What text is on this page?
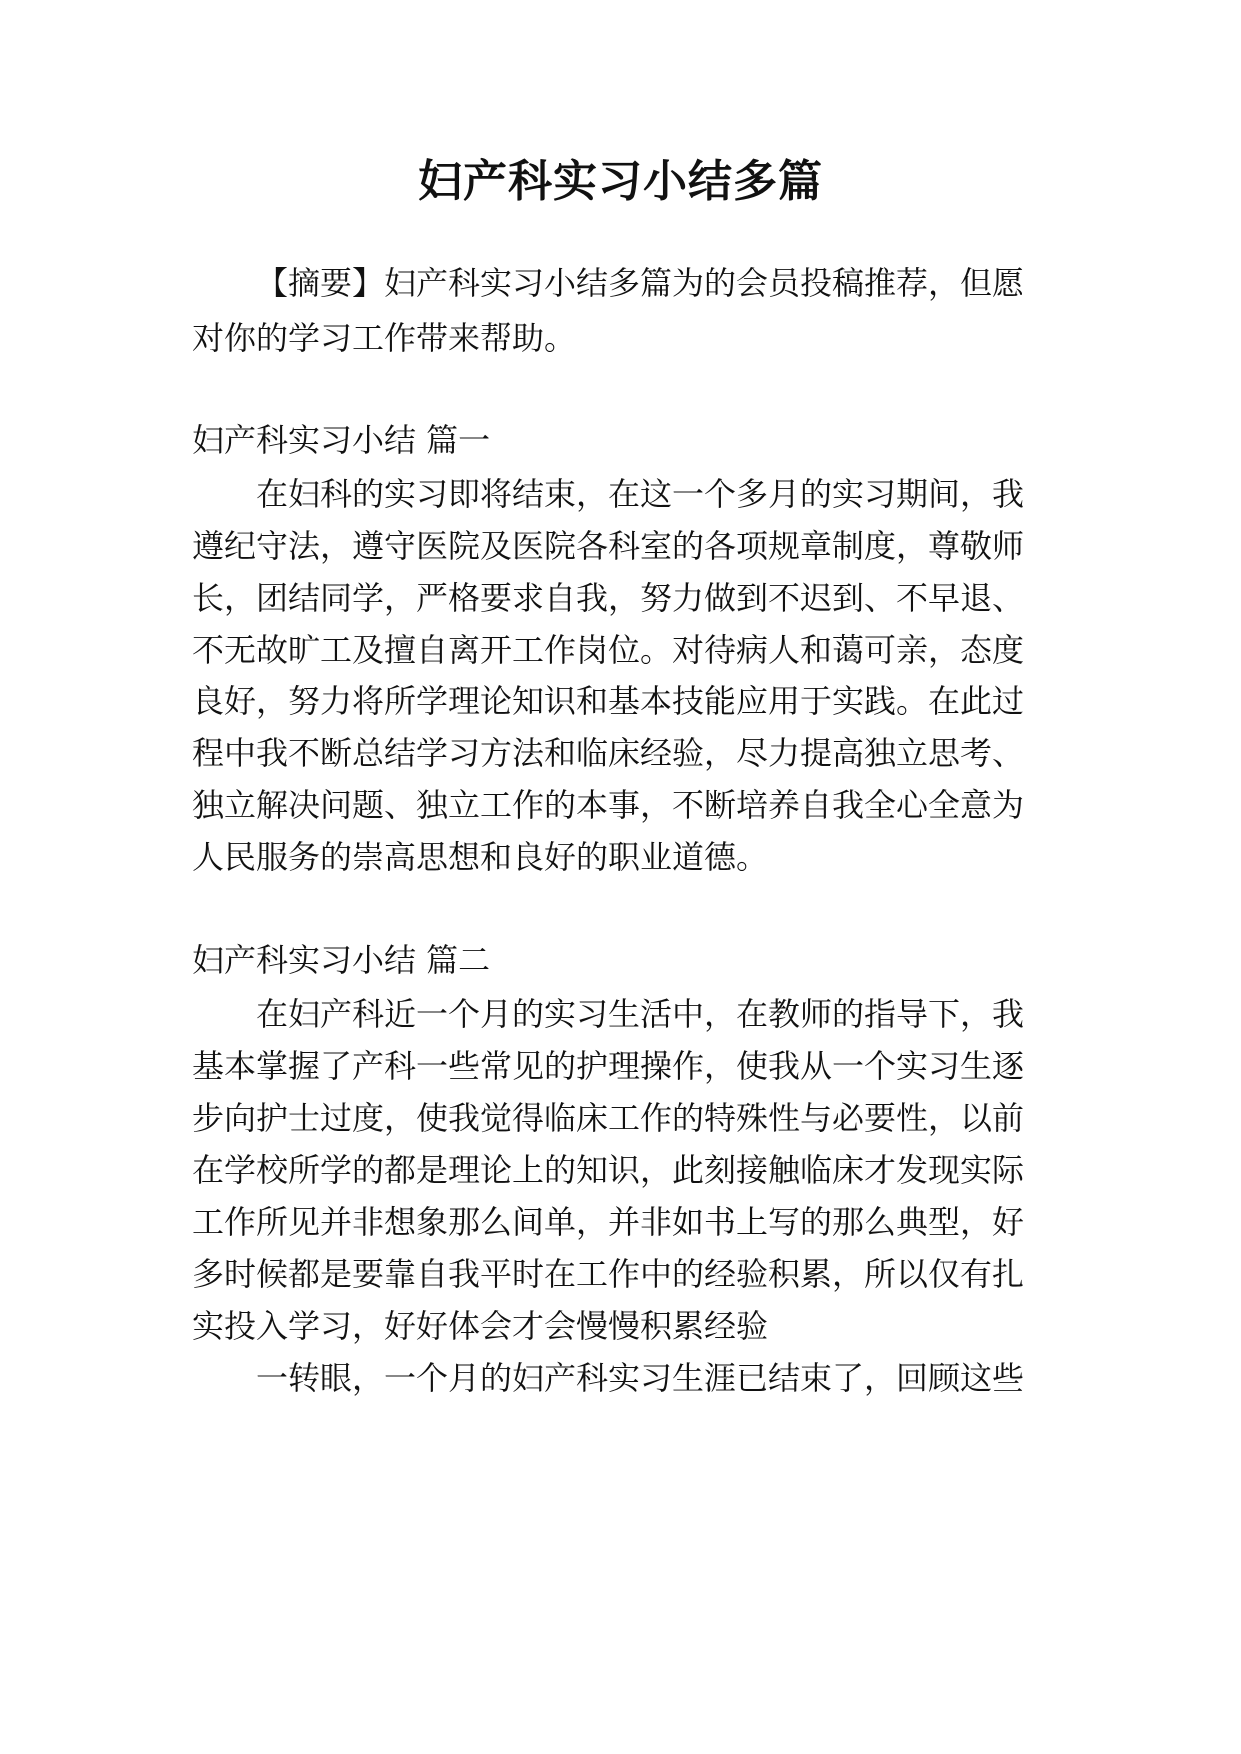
妇产科实习小结多篇

【摘要】妇产科实习小结多篇为的会员投稿推荐，但愿

对你的学习工作带来帮助。

妇产科实习小结 篇一

在妇科的实习即将结束，在这一个多月的实习期间，我

遵纪守法，遵守医院及医院各科室的各项规章制度，尊敬师

长，团结同学，严格要求自我，努力做到不迟到、不早退、

不无故旷工及擅自离开工作岗位。对待病人和蔼可亲，态度

良好，努力将所学理论知识和基本技能应用于实践。在此过

程中我不断总结学习方法和临床经验，尽力提高独立思考、

独立解决问题、独立工作的本事，不断培养自我全心全意为

人民服务的崇高思想和良好的职业道德。

妇产科实习小结 篇二

在妇产科近一个月的实习生活中，在教师的指导下，我

基本掌握了产科一些常见的护理操作，使我从一个实习生逐

步向护士过度，使我觉得临床工作的特殊性与必要性，以前

在学校所学的都是理论上的知识，此刻接触临床才发现实际

工作所见并非想象那么间单，并非如书上写的那么典型，好

多时候都是要靠自我平时在工作中的经验积累，所以仅有扎

实投入学习，好好体会才会慢慢积累经验

一转眼，一个月的妇产科实习生涯已结束了，回顾这些
